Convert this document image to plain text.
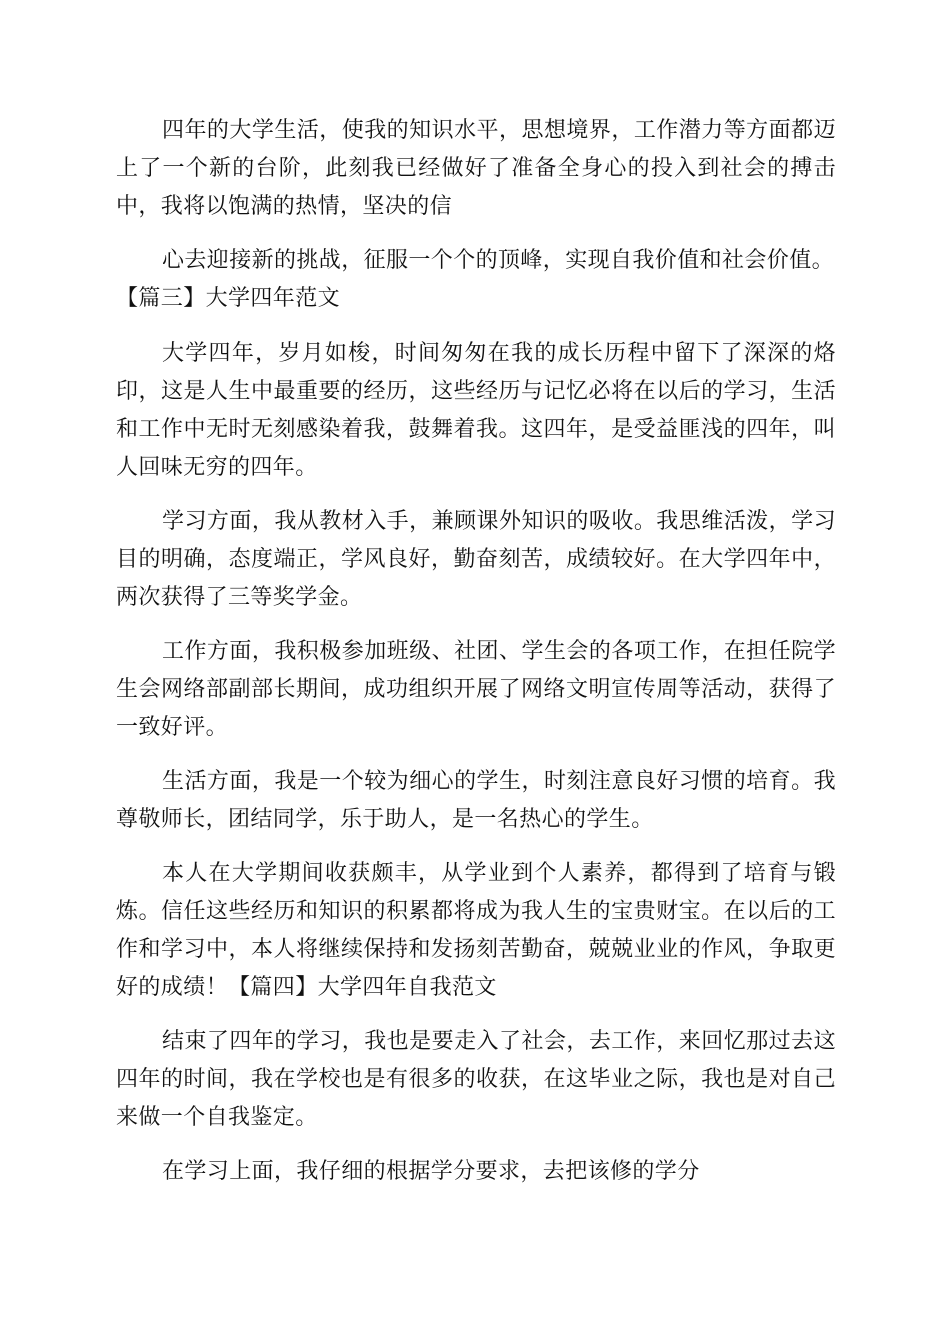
四年的大学生活，使我的知识水平，思想境界，工作潜力等方面都迈上了一个新的台阶，此刻我已经做好了准备全身心的投入到社会的搏击中，我将以饱满的热情，坚决的信

心去迎接新的挑战，征服一个个的顶峰，实现自我价值和社会价值。

【篇三】大学四年范文

大学四年，岁月如梭，时间匆匆在我的成长历程中留下了深深的烙印，这是人生中最重要的经历，这些经历与记忆必将在以后的学习，生活和工作中无时无刻感染着我，鼓舞着我。这四年，是受益匪浅的四年，叫人回味无穷的四年。

学习方面，我从教材入手，兼顾课外知识的吸收。我思维活泼，学习目的明确，态度端正，学风良好，勤奋刻苦，成绩较好。在大学四年中，两次获得了三等奖学金。

工作方面，我积极参加班级、社团、学生会的各项工作，在担任院学生会网络部副部长期间，成功组织开展了网络文明宣传周等活动，获得了一致好评。

生活方面，我是一个较为细心的学生，时刻注意良好习惯的培育。我尊敬师长，团结同学，乐于助人，是一名热心的学生。

本人在大学期间收获颇丰，从学业到个人素养，都得到了培育与锻炼。信任这些经历和知识的积累都将成为我人生的宝贵财宝。在以后的工作和学习中，本人将继续保持和发扬刻苦勤奋，兢兢业业的作风，争取更好的成绩！【篇四】大学四年自我范文

结束了四年的学习，我也是要走入了社会，去工作，来回忆那过去这四年的时间，我在学校也是有很多的收获，在这毕业之际，我也是对自己来做一个自我鉴定。

在学习上面，我仔细的根据学分要求，去把该修的学分
